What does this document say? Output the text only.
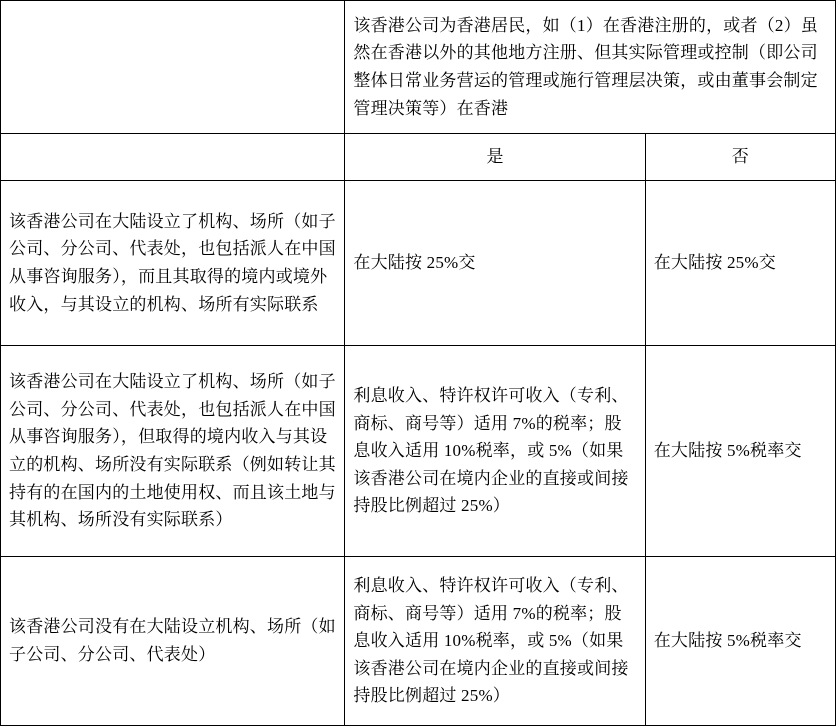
	该香港公司为香港居民，如（1）在香港注册的，或者（2）虽然在香港以外的其他地方注册、但其实际管理或控制（即公司整体日常业务营运的管理或施行管理层决策，或由董事会制定管理决策等）在香港	
	是	否
该香港公司在大陆设立了机构、场所（如子公司、分公司、代表处，也包括派人在中国从事咨询服务），而且其取得的境内或境外收入，与其设立的机构、场所有实际联系	在大陆按 25%交	在大陆按 25%交
该香港公司在大陆设立了机构、场所（如子公司、分公司、代表处，也包括派人在中国从事咨询服务），但取得的境内收入与其设立的机构、场所没有实际联系（例如转让其持有的在国内的土地使用权、而且该土地与其机构、场所没有实际联系）	利息收入、特许权许可收入（专利、商标、商号等）适用 7%的税率；股息收入适用 10%税率，或 5%（如果该香港公司在境内企业的直接或间接持股比例超过 25%）	在大陆按 5%税率交
该香港公司没有在大陆设立机构、场所（如子公司、分公司、代表处）	利息收入、特许权许可收入（专利、商标、商号等）适用 7%的税率；股息收入适用 10%税率，或 5%（如果该香港公司在境内企业的直接或间接持股比例超过 25%）	在大陆按 5%税率交
